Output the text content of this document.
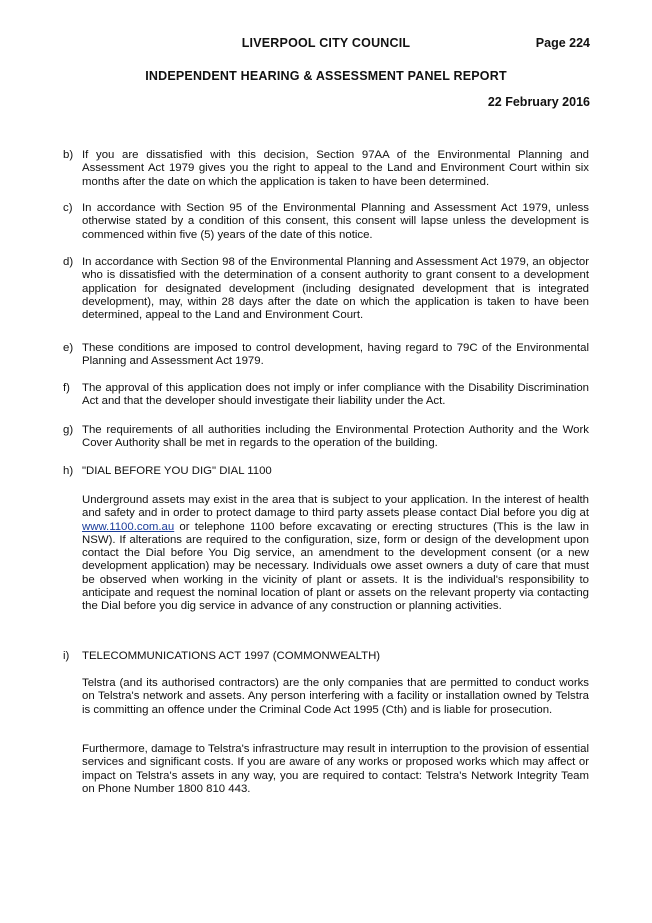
LIVERPOOL CITY COUNCIL	Page 224
INDEPENDENT HEARING & ASSESSMENT PANEL REPORT
22 February 2016
b) If you are dissatisfied with this decision, Section 97AA of the Environmental Planning and Assessment Act 1979 gives you the right to appeal to the Land and Environment Court within six months after the date on which the application is taken to have been determined.
c) In accordance with Section 95 of the Environmental Planning and Assessment Act 1979, unless otherwise stated by a condition of this consent, this consent will lapse unless the development is commenced within five (5) years of the date of this notice.
d) In accordance with Section 98 of the Environmental Planning and Assessment Act 1979, an objector who is dissatisfied with the determination of a consent authority to grant consent to a development application for designated development (including designated development that is integrated development), may, within 28 days after the date on which the application is taken to have been determined, appeal to the Land and Environment Court.
e) These conditions are imposed to control development, having regard to 79C of the Environmental Planning and Assessment Act 1979.
f) The approval of this application does not imply or infer compliance with the Disability Discrimination Act and that the developer should investigate their liability under the Act.
g) The requirements of all authorities including the Environmental Protection Authority and the Work Cover Authority shall be met in regards to the operation of the building.
h) "DIAL BEFORE YOU DIG" DIAL 1100
Underground assets may exist in the area that is subject to your application. In the interest of health and safety and in order to protect damage to third party assets please contact Dial before you dig at www.1100.com.au or telephone 1100 before excavating or erecting structures (This is the law in NSW). If alterations are required to the configuration, size, form or design of the development upon contact the Dial before You Dig service, an amendment to the development consent (or a new development application) may be necessary. Individuals owe asset owners a duty of care that must be observed when working in the vicinity of plant or assets. It is the individual's responsibility to anticipate and request the nominal location of plant or assets on the relevant property via contacting the Dial before you dig service in advance of any construction or planning activities.
i) TELECOMMUNICATIONS ACT 1997 (COMMONWEALTH)
Telstra (and its authorised contractors) are the only companies that are permitted to conduct works on Telstra's network and assets. Any person interfering with a facility or installation owned by Telstra is committing an offence under the Criminal Code Act 1995 (Cth) and is liable for prosecution.
Furthermore, damage to Telstra's infrastructure may result in interruption to the provision of essential services and significant costs. If you are aware of any works or proposed works which may affect or impact on Telstra's assets in any way, you are required to contact: Telstra's Network Integrity Team on Phone Number 1800 810 443.
